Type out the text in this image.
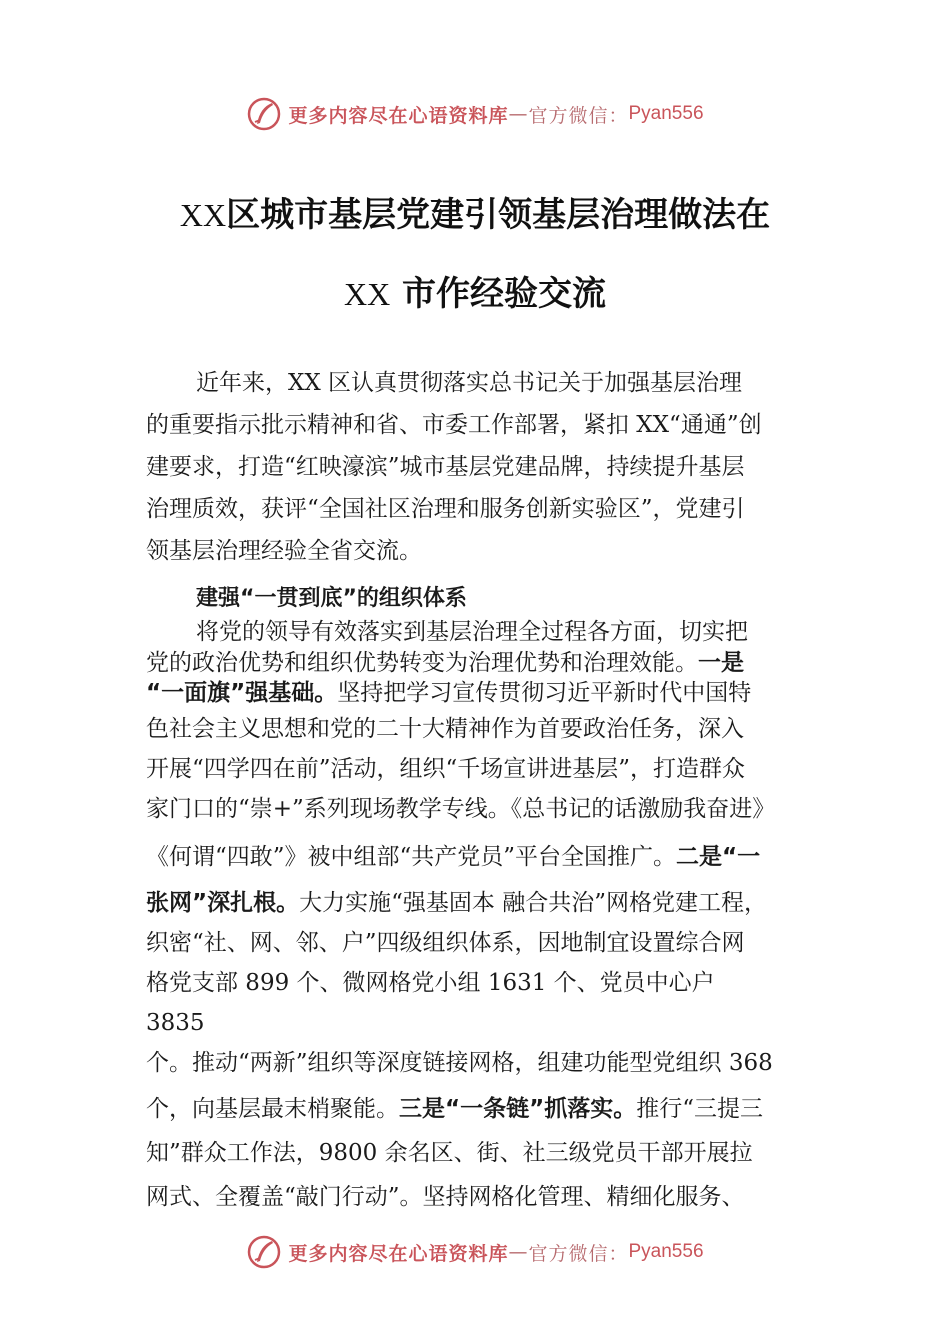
更多内容尽在心语资料库 — 官方微信： Pyan556
XX区城市基层党建引领基层治理做法在
XX 市作经验交流
近年来，XX 区认真贯彻落实总书记关于加强基层治理
的重要指示批示精神和省、市委工作部署，紧扣 XX“通通”创
建要求，打造“红映濠滨”城市基层党建品牌，持续提升基层
治理质效，获评“全国社区治理和服务创新实验区”，党建引
领基层治理经验全省交流。
建强“一贯到底”的组织体系
将党的领导有效落实到基层治理全过程各方面，切实把
党的政治优势和组织优势转变为治理优势和治理效能。一是
“一面旗”强基础。坚持把学习宣传贯彻习近平新时代中国特
色社会主义思想和党的二十大精神作为首要政治任务，深入
开展“四学四在前”活动，组织“千场宣讲进基层”，打造群众
家门口的“崇+”系列现场教学专线。《总书记的话激励我奋进》
《何谓“四敢”》被中组部“共产党员”平台全国推广。二是“一
张网”深扎根。大力实施“强基固本 融合共治”网格党建工程，
织密“社、网、邻、户”四级组织体系，因地制宜设置综合网
格党支部 899 个、微网格党小组 1631 个、党员中心户
3835
个。推动“两新”组织等深度链接网格，组建功能型党组织 368
个，向基层最末梢聚能。三是“一条链”抓落实。推行“三提三
知”群众工作法，9800 余名区、街、社三级党员干部开展拉
网式、全覆盖“敲门行动”。坚持网格化管理、精细化服务、
更多内容尽在心语资料库 — 官方微信： Pyan556
